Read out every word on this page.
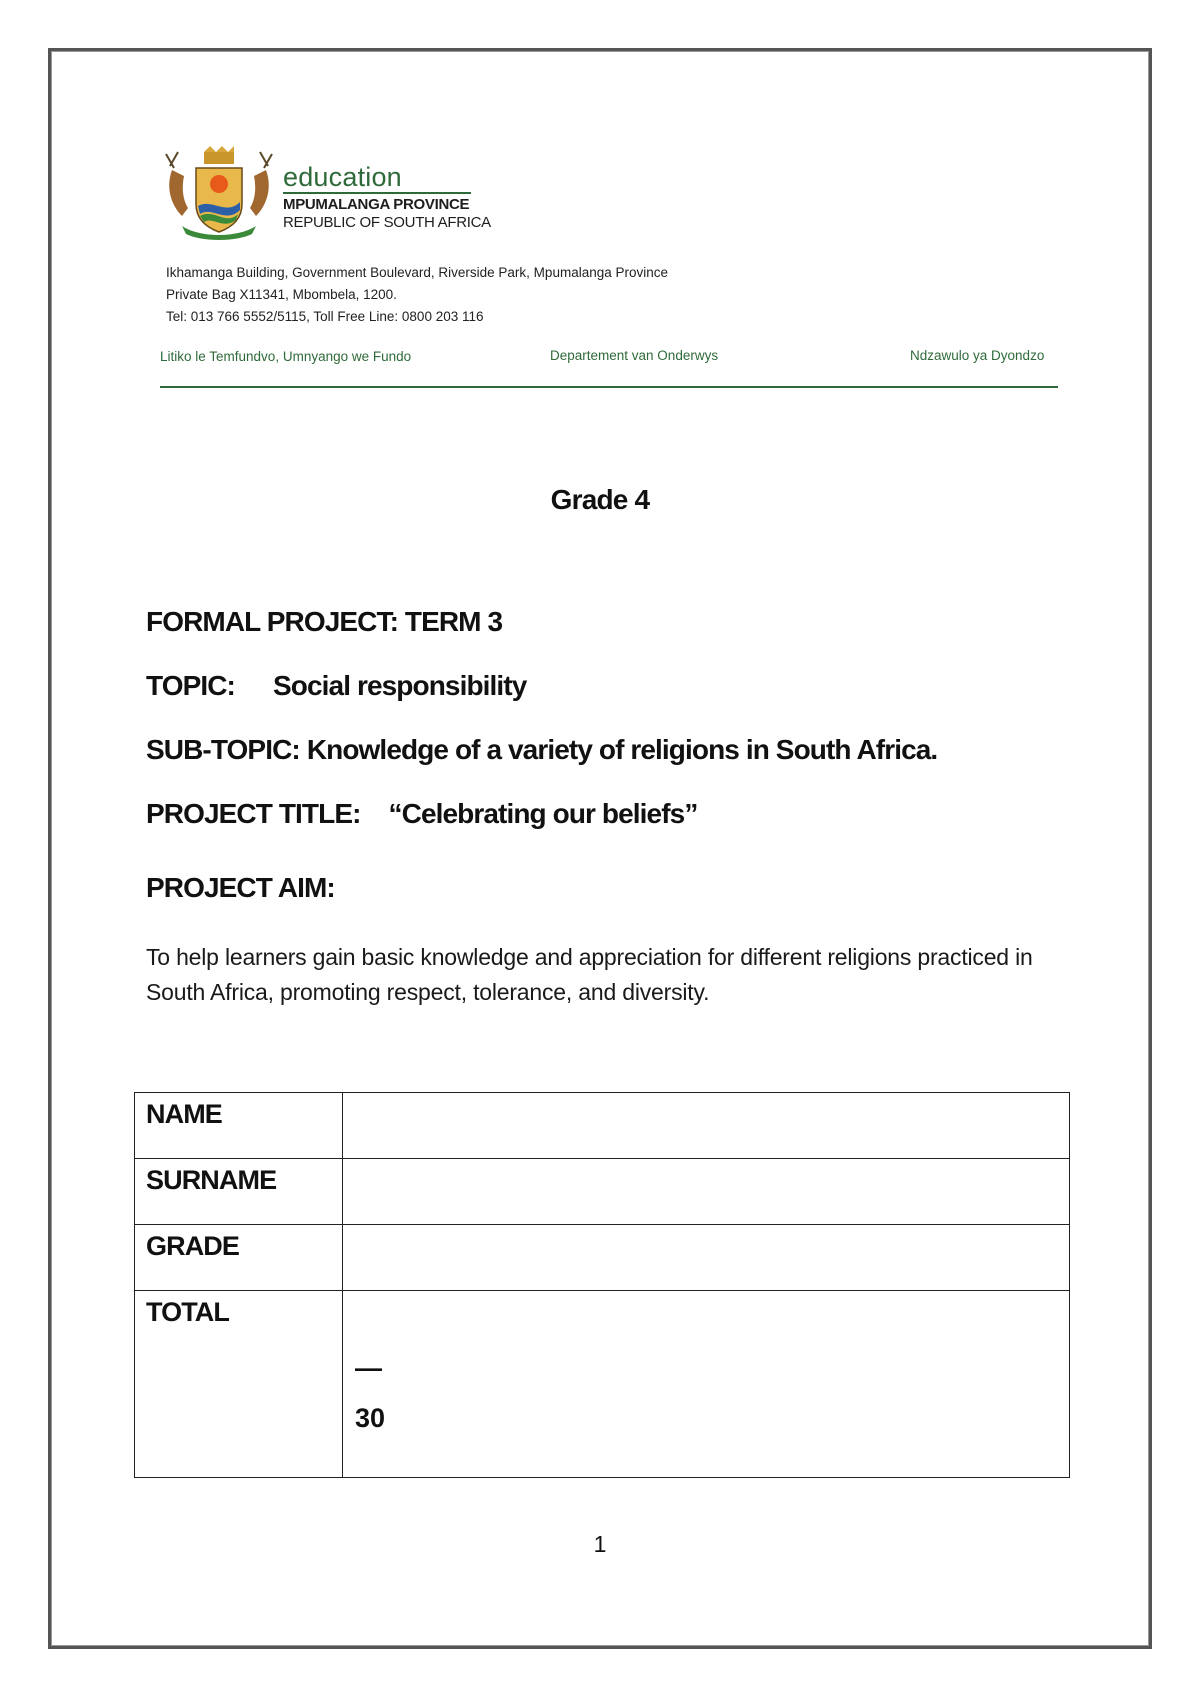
education
MPUMALANGA PROVINCE
REPUBLIC OF SOUTH AFRICA
Ikhamanga Building, Government Boulevard, Riverside Park, Mpumalanga Province
Private Bag X11341, Mbombela, 1200.
Tel: 013 766 5552/5115, Toll Free Line: 0800 203 116
Litiko le Temfundvo, Umnyango we Fundo	Departement van Onderwys	Ndzawulo ya Dyondzo
Grade 4
FORMAL PROJECT: TERM 3
TOPIC: Social responsibility
SUB-TOPIC: Knowledge of a variety of religions in South Africa.
PROJECT TITLE: “Celebrating our beliefs”
PROJECT AIM:
To help learners gain basic knowledge and appreciation for different religions practiced in South Africa, promoting respect, tolerance, and diversity.
NAME	
SURNAME	
GRADE	
TOTAL	—
30
1
